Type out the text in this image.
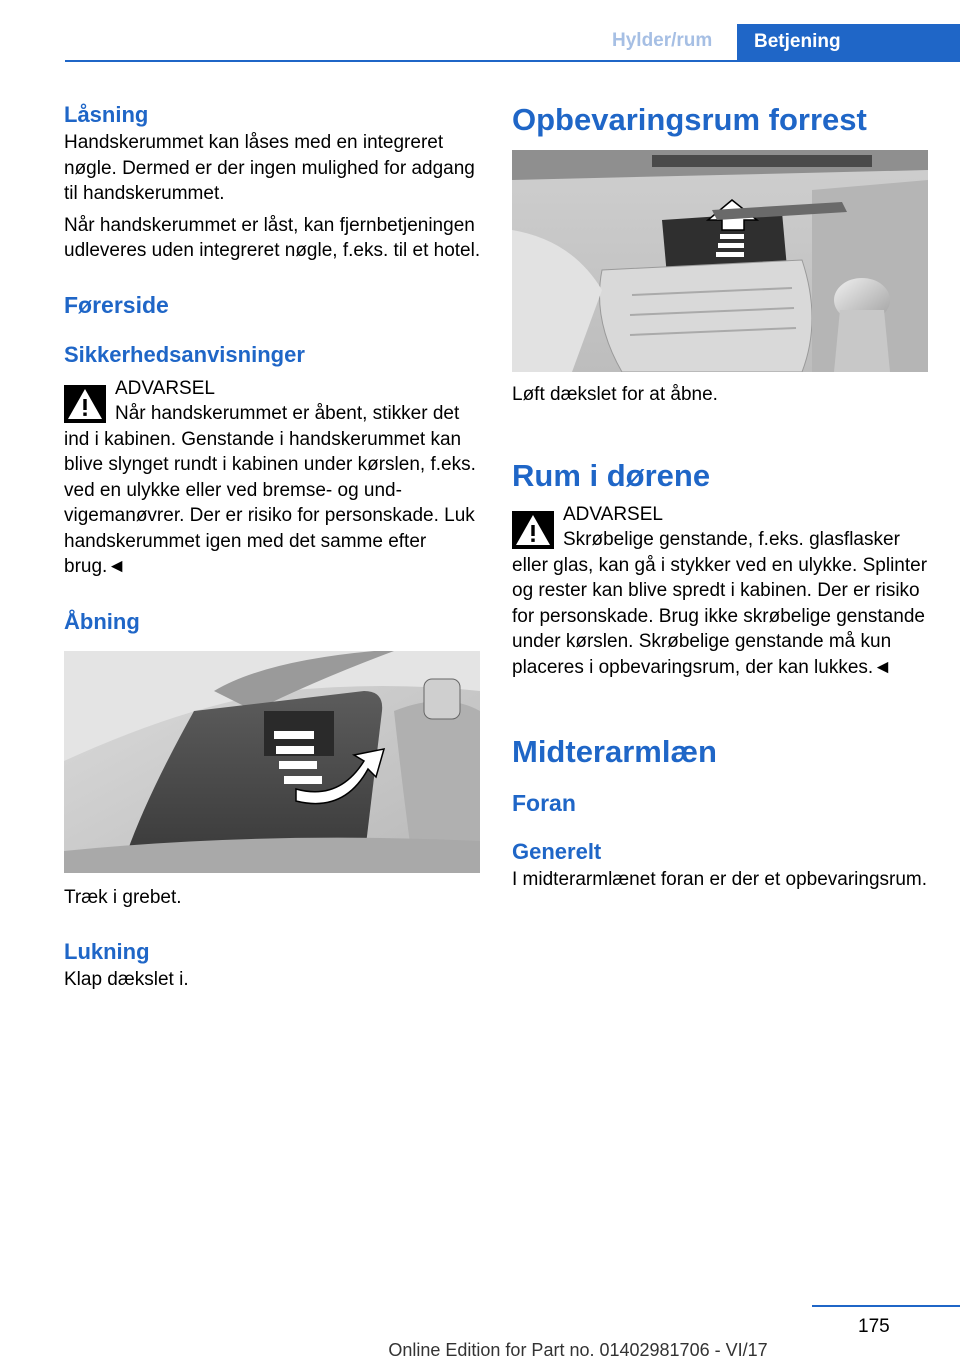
Hylder/rum	Betjening
Låsning
Handskerummet kan låses med en integreret nøgle. Dermed er der ingen mulighed for adgang til handskerummet.
Når handskerummet er låst, kan fjernbetjeningen udleveres uden integreret nøgle, f.eks. til et hotel.
Førerside
Sikkerhedsanvisninger
ADVARSEL
Når handskerummet er åbent, stikker det ind i kabinen. Genstande i handskerummet kan blive slynget rundt i kabinen under kørslen, f.eks. ved en ulykke eller ved bremse- og undvigemanøvrer. Der er risiko for personskade. Luk handskerummet igen med det samme efter brug.◄
Åbning
Træk i grebet.
Lukning
Klap dækslet i.
Opbevaringsrum forrest
Løft dækslet for at åbne.
Rum i dørene
ADVARSEL
Skrøbelige genstande, f.eks. glasflasker eller glas, kan gå i stykker ved en ulykke. Splinter og rester kan blive spredt i kabinen. Der er risiko for personskade. Brug ikke skrøbelige genstande under kørslen. Skrøbelige genstande må kun placeres i opbevaringsrum, der kan lukkes.◄
Midterarmlæn
Foran
Generelt
I midterarmlænet foran er der et opbevaringsrum.
175
Online Edition for Part no. 01402981706 - VI/17
